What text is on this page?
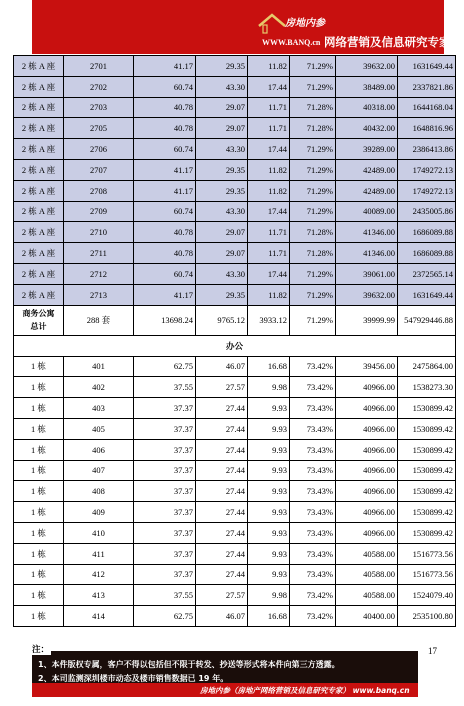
房地内参
WWW.BANQ.cn 网络营销及信息研究专家
2 栋 A 座	2701	41.17	29.35	11.82	71.29%	39632.00	1631649.44
2 栋 A 座	2702	60.74	43.30	17.44	71.29%	38489.00	2337821.86
2 栋 A 座	2703	40.78	29.07	11.71	71.28%	40318.00	1644168.04
2 栋 A 座	2705	40.78	29.07	11.71	71.28%	40432.00	1648816.96
2 栋 A 座	2706	60.74	43.30	17.44	71.29%	39289.00	2386413.86
2 栋 A 座	2707	41.17	29.35	11.82	71.29%	42489.00	1749272.13
2 栋 A 座	2708	41.17	29.35	11.82	71.29%	42489.00	1749272.13
2 栋 A 座	2709	60.74	43.30	17.44	71.29%	40089.00	2435005.86
2 栋 A 座	2710	40.78	29.07	11.71	71.28%	41346.00	1686089.88
2 栋 A 座	2711	40.78	29.07	11.71	71.28%	41346.00	1686089.88
2 栋 A 座	2712	60.74	43.30	17.44	71.29%	39061.00	2372565.14
2 栋 A 座	2713	41.17	29.35	11.82	71.29%	39632.00	1631649.44

商务公寓
总计	288 套	13698.24	9765.12	3933.12	71.29%	39999.99	547929446.88
办公							
1 栋	401	62.75	46.07	16.68	73.42%	39456.00	2475864.00
1 栋	402	37.55	27.57	9.98	73.42%	40966.00	1538273.30
1 栋	403	37.37	27.44	9.93	73.43%	40966.00	1530899.42
1 栋	405	37.37	27.44	9.93	73.43%	40966.00	1530899.42
1 栋	406	37.37	27.44	9.93	73.43%	40966.00	1530899.42
1 栋	407	37.37	27.44	9.93	73.43%	40966.00	1530899.42
1 栋	408	37.37	27.44	9.93	73.43%	40966.00	1530899.42
1 栋	409	37.37	27.44	9.93	73.43%	40966.00	1530899.42
1 栋	410	37.37	27.44	9.93	73.43%	40966.00	1530899.42
1 栋	411	37.37	27.44	9.93	73.43%	40588.00	1516773.56
1 栋	412	37.37	27.44	9.93	73.43%	40588.00	1516773.56
1 栋	413	37.55	27.57	9.98	73.42%	40588.00	1524079.40
1 栋	414	62.75	46.07	16.68	73.42%	40400.00	2535100.80
17
注：
1、本件版权专属，客户不得以包括但不限于转发、抄送等形式将本件向第三方透露。
2、本司监测深圳楼市动态及楼市销售数据已 19 年。
房地内参（房地产网络营销及信息研究专家） www.banq.cn
